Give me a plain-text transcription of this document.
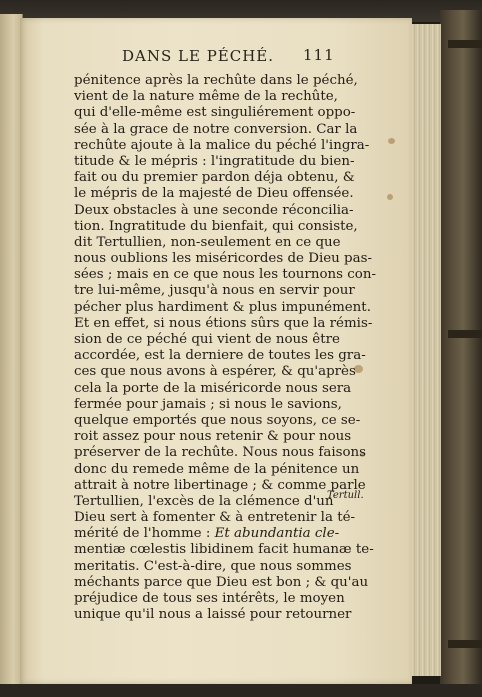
DANS LE PÉCHÉ.	111
pénitence après la rechûte dans le péché,
vient de la nature même de la rechûte,
qui d'elle-même est singuliérement oppo-
sée à la grace de notre conversion. Car la
rechûte ajoute à la malice du péché l'ingra-
titude & le mépris : l'ingratitude du bien-
fait ou du premier pardon déja obtenu, &
le mépris de la majesté de Dieu offensée.
Deux obstacles à une seconde réconcilia-
tion. Ingratitude du bienfait, qui consiste,
dit Tertullien, non-seulement en ce que
nous oublions les miséricordes de Dieu pas-
sées ; mais en ce que nous les tournons con-
tre lui-même, jusqu'à nous en servir pour
pécher plus hardiment & plus impunément.
Et en effet, si nous étions sûrs que la rémis-
sion de ce péché qui vient de nous être
accordée, est la derniere de toutes les gra-
ces que nous avons à espérer, & qu'après
cela la porte de la miséricorde nous sera
fermée pour jamais ; si nous le savions,
quelque emportés que nous soyons, ce se-
roit assez pour nous retenir & pour nous
préserver de la rechûte. Nous nous faisons
donc du remede même de la pénitence un
attrait à notre libertinage ; & comme parle
Tertullien, l'excès de la clémence d'un
Dieu sert à fomenter & à entretenir la té-
mérité de l'homme : Et abundantia cle-
mentiæ cœlestis libidinem facit humanæ te-
meritatis. C'est-à-dire, que nous sommes
méchants parce que Dieu est bon ; & qu'au
préjudice de tous ses intérêts, le moyen
unique qu'il nous a laissé pour retourner
Tertull.
